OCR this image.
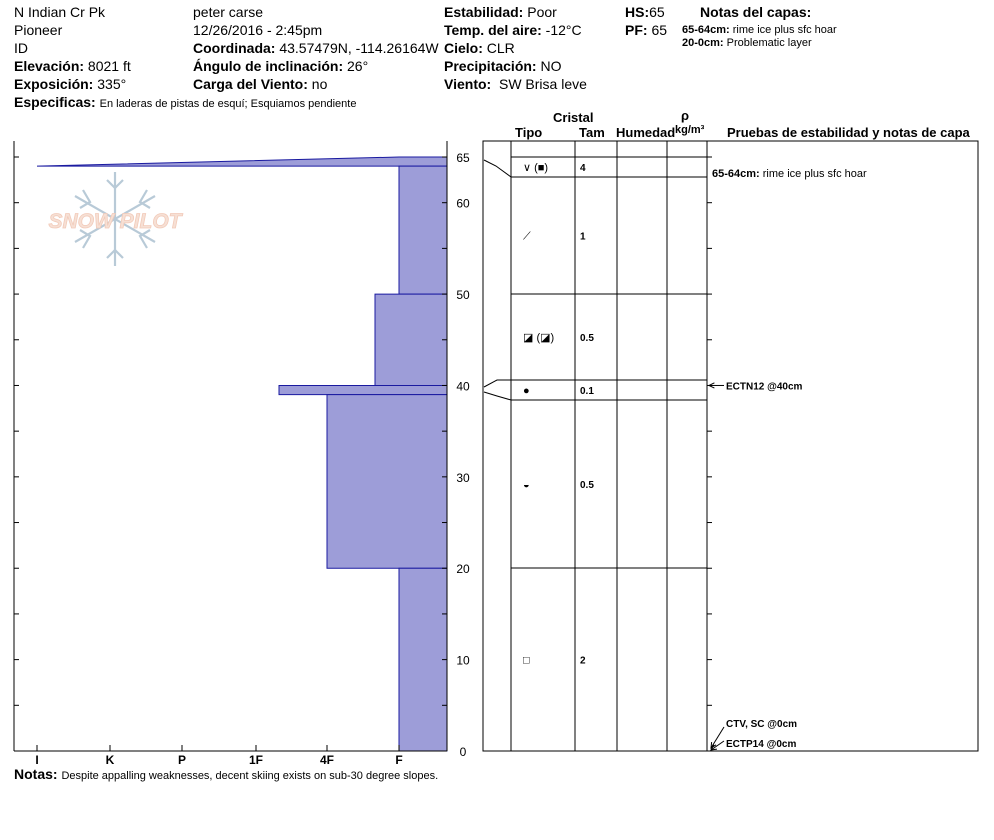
N Indian Cr Pk
Pioneer
ID
Elevación: 8021 ft
Exposición: 335°
Especificas: En laderas de pistas de esquí; Esquiamos pendiente
peter carse
12/26/2016 - 2:45pm
Coordinada: 43.57479N, -114.26164W
Ángulo de inclinación: 26°
Carga del Viento: no
Estabilidad: Poor
Temp. del aire: -12°C
Cielo: CLR
Precipitación: NO
Viento: SW Brisa leve
HS:65
PF: 65
Notas del capas:
65-64cm: rime ice plus sfc hoar
20-0cm: Problematic layer
Cristal
Tipo	Tam Humedad
ρ
kg/m³ Pruebas de estabilidad y notas de capa
SNOW PILOT
0
10
20
30
40
50
60
65
I	K	P	1F	4F	F
∨ (■)	4
⟋	1
◪ (◪)	0.5
●	0.1
◒	0.5
□	2
65-64cm: rime ice plus sfc hoar
ECTN12 @40cm
CTV, SC @0cm
ECTP14 @0cm
Notas: Despite appalling weaknesses, decent skiing exists on sub-30 degree slopes.
